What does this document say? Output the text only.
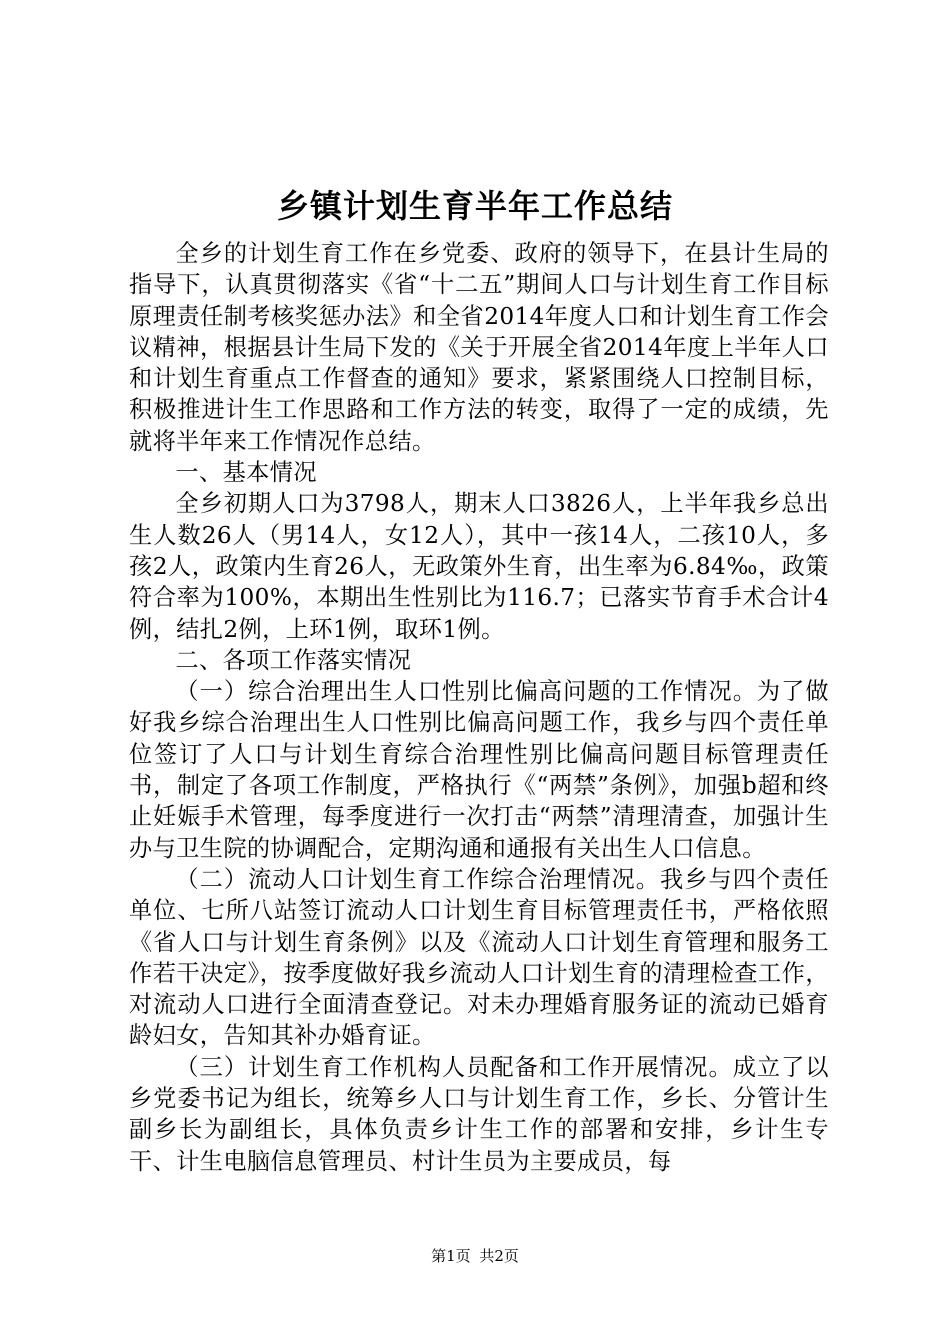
乡镇计划生育半年工作总结

全乡的计划生育工作在乡党委、政府的领导下，在县计生局的指导下，认真贯彻落实《省“十二五”期间人口与计划生育工作目标原理责任制考核奖惩办法》和全省2014年度人口和计划生育工作会议精神，根据县计生局下发的《关于开展全省2014年度上半年人口和计划生育重点工作督查的通知》要求，紧紧围绕人口控制目标，积极推进计生工作思路和工作方法的转变，取得了一定的成绩，先就将半年来工作情况作总结。

一、基本情况

全乡初期人口为3798人，期末人口3826人，上半年我乡总出生人数26人（男14人，女12人），其中一孩14人，二孩10人，多孩2人，政策内生育26人，无政策外生育，出生率为6.84‰，政策符合率为100%，本期出生性别比为116.7；已落实节育手术合计4例，结扎2例，上环1例，取环1例。

二、各项工作落实情况

（一）综合治理出生人口性别比偏高问题的工作情况。为了做好我乡综合治理出生人口性别比偏高问题工作，我乡与四个责任单位签订了人口与计划生育综合治理性别比偏高问题目标管理责任书，制定了各项工作制度，严格执行《“两禁”条例》，加强b超和终止妊娠手术管理，每季度进行一次打击“两禁”清理清查，加强计生办与卫生院的协调配合，定期沟通和通报有关出生人口信息。

（二）流动人口计划生育工作综合治理情况。我乡与四个责任单位、七所八站签订流动人口计划生育目标管理责任书，严格依照《省人口与计划生育条例》以及《流动人口计划生育管理和服务工作若干决定》，按季度做好我乡流动人口计划生育的清理检查工作，对流动人口进行全面清查登记。对未办理婚育服务证的流动已婚育龄妇女，告知其补办婚育证。

（三）计划生育工作机构人员配备和工作开展情况。成立了以乡党委书记为组长，统筹乡人口与计划生育工作，乡长、分管计生副乡长为副组长，具体负责乡计生工作的部署和安排，乡计生专干、计生电脑信息管理员、村计生员为主要成员，每

第1页 共2页
